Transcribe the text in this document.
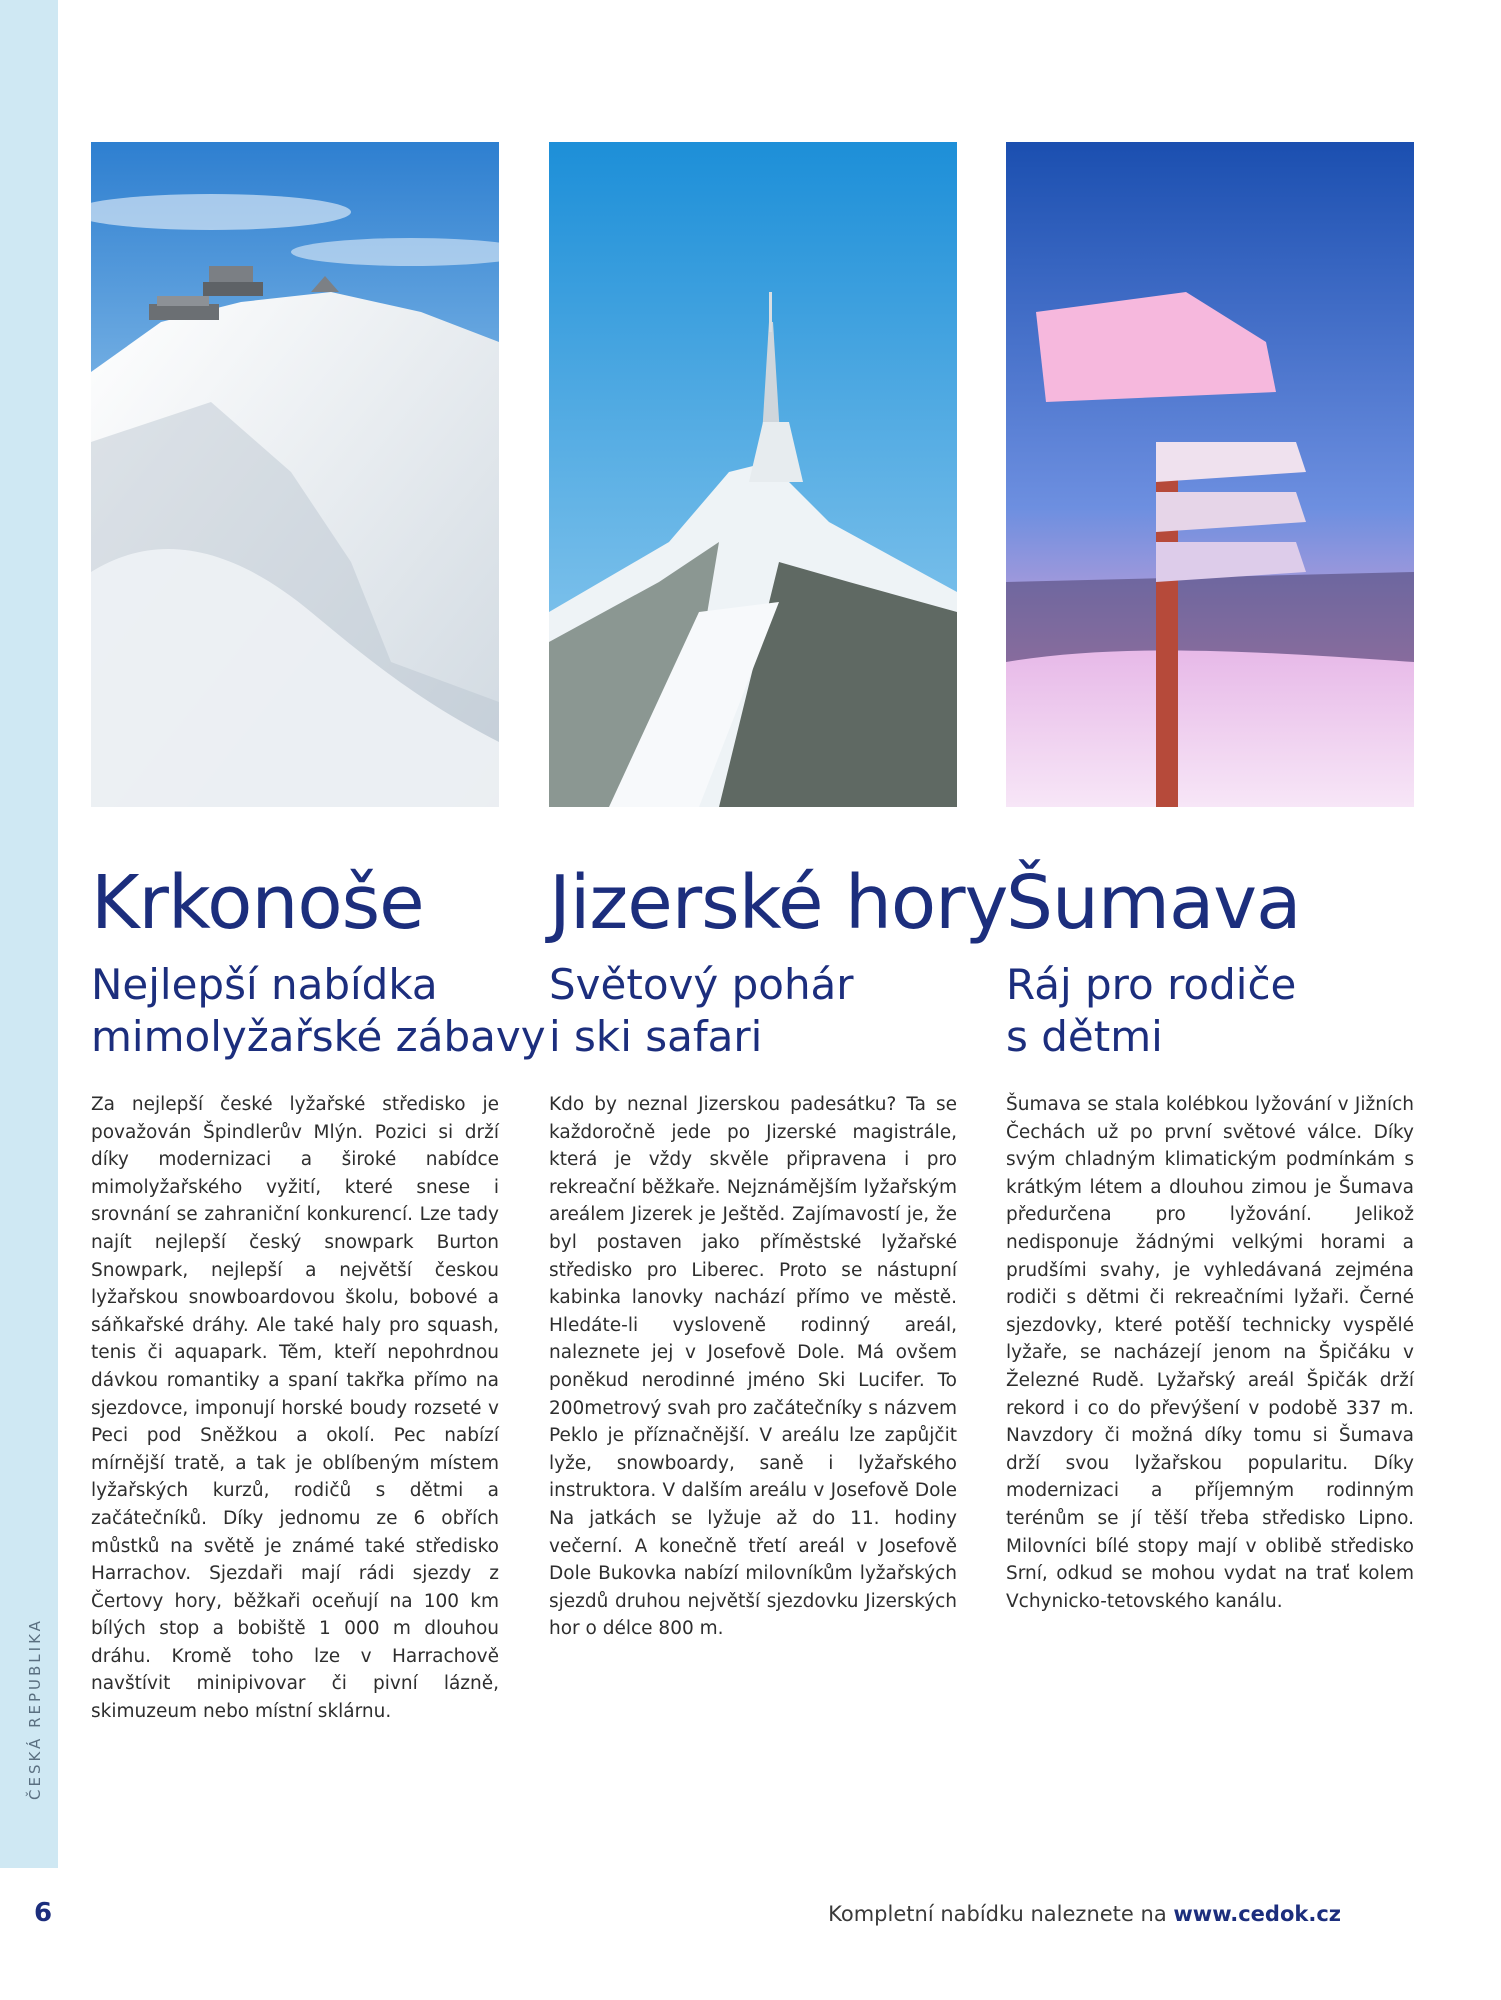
ČESKÁ REPUBLIKA
Krkonoše
Nejlepší nabídka
mimolyžařské zábavy

Za nejlepší české lyžařské středisko je považován Špindlerův Mlýn. Pozici si drží díky modernizaci a široké nabídce mimolyžařského vyžití, které snese i srovnání se zahraniční konkurencí. Lze tady najít nejlepší český snowpark Burton Snowpark, nejlepší a největší českou lyžařskou snowboardovou školu, bobové a sáňkařské dráhy. Ale také haly pro squash, tenis či aquapark. Těm, kteří nepohrdnou dávkou romantiky a spaní takřka přímo na sjezdovce, imponují horské boudy rozseté v Peci pod Sněžkou a okolí. Pec nabízí mírnější tratě, a tak je oblíbeným místem lyžařských kurzů, rodičů s dětmi a začátečníků. Díky jednomu ze 6 obřích můstků na světě je známé také středisko Harrachov. Sjezdaři mají rádi sjezdy z Čertovy hory, běžkaři oceňují na 100 km bílých stop a bobiště 1 000 m dlouhou dráhu. Kromě toho lze v Harrachově navštívit minipivovar či pivní lázně, skimuzeum nebo místní sklárnu.

Jizerské hory
Světový pohár
i ski safari

Kdo by neznal Jizerskou padesátku? Ta se každoročně jede po Jizerské magistrále, která je vždy skvěle připravena i pro rekreační běžkaře. Nejznámějším lyžařským areálem Jizerek je Ještěd. Zajímavostí je, že byl postaven jako příměstské lyžařské středisko pro Liberec. Proto se nástupní kabinka lanovky nachází přímo ve městě. Hledáte-li vysloveně rodinný areál, naleznete jej v Josefově Dole. Má ovšem poněkud nerodinné jméno Ski Lucifer. To 200metrový svah pro začátečníky s názvem Peklo je příznačnější. V areálu lze zapůjčit lyže, snowboardy, saně i lyžařského instruktora. V dalším areálu v Josefově Dole Na jatkách se lyžuje až do 11. hodiny večerní. A konečně třetí areál v Josefově Dole Bukovka nabízí milovníkům lyžařských sjezdů druhou největší sjezdovku Jizerských hor o délce 800 m.

Šumava
Ráj pro rodiče
s dětmi

Šumava se stala kolébkou lyžování v Jižních Čechách už po první světové válce. Díky svým chladným klimatickým podmínkám s krátkým létem a dlouhou zimou je Šumava předurčena pro lyžování. Jelikož nedisponuje žádnými velkými horami a prudšími svahy, je vyhledávaná zejména rodiči s dětmi či rekreačními lyžaři. Černé sjezdovky, které potěší technicky vyspělé lyžaře, se nacházejí jenom na Špičáku v Železné Rudě. Lyžařský areál Špičák drží rekord i co do převýšení v podobě 337 m. Navzdory či možná díky tomu si Šumava drží svou lyžařskou popularitu. Díky modernizaci a příjemným rodinným terénům se jí těší třeba středisko Lipno. Milovníci bílé stopy mají v oblibě středisko Srní, odkud se mohou vydat na trať kolem Vchynicko-tetovského kanálu.

6	Kompletní nabídku naleznete na www.cedok.cz
